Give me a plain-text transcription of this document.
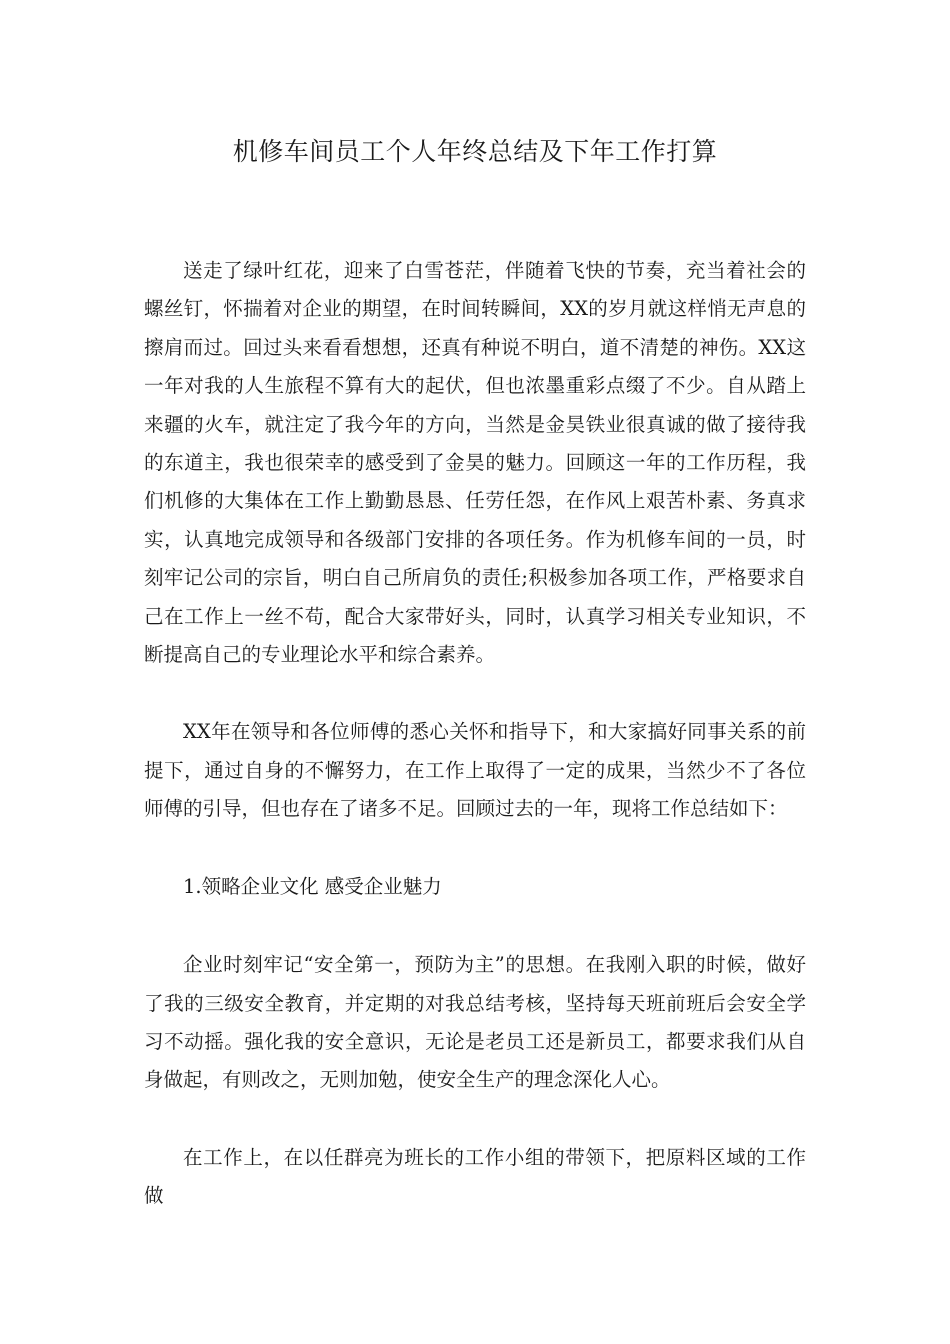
机修车间员工个人年终总结及下年工作打算

送走了绿叶红花，迎来了白雪苍茫，伴随着飞快的节奏，充当着社会的螺丝钉，怀揣着对企业的期望，在时间转瞬间，XX的岁月就这样悄无声息的擦肩而过。回过头来看看想想，还真有种说不明白，道不清楚的神伤。XX这一年对我的人生旅程不算有大的起伏，但也浓墨重彩点缀了不少。自从踏上来疆的火车，就注定了我今年的方向，当然是金昊铁业很真诚的做了接待我的东道主，我也很荣幸的感受到了金昊的魅力。回顾这一年的工作历程，我们机修的大集体在工作上勤勤恳恳、任劳任怨，在作风上艰苦朴素、务真求实，认真地完成领导和各级部门安排的各项任务。作为机修车间的一员，时刻牢记公司的宗旨，明白自己所肩负的责任;积极参加各项工作，严格要求自己在工作上一丝不苟，配合大家带好头，同时，认真学习相关专业知识，不断提高自己的专业理论水平和综合素养。

XX年在领导和各位师傅的悉心关怀和指导下，和大家搞好同事关系的前提下，通过自身的不懈努力，在工作上取得了一定的成果，当然少不了各位师傅的引导，但也存在了诸多不足。回顾过去的一年，现将工作总结如下：

1.领略企业文化 感受企业魅力

企业时刻牢记“安全第一，预防为主”的思想。在我刚入职的时候，做好了我的三级安全教育，并定期的对我总结考核，坚持每天班前班后会安全学习不动摇。强化我的安全意识，无论是老员工还是新员工，都要求我们从自身做起，有则改之，无则加勉，使安全生产的理念深化人心。

在工作上，在以任群亮为班长的工作小组的带领下，把原料区域的工作做
